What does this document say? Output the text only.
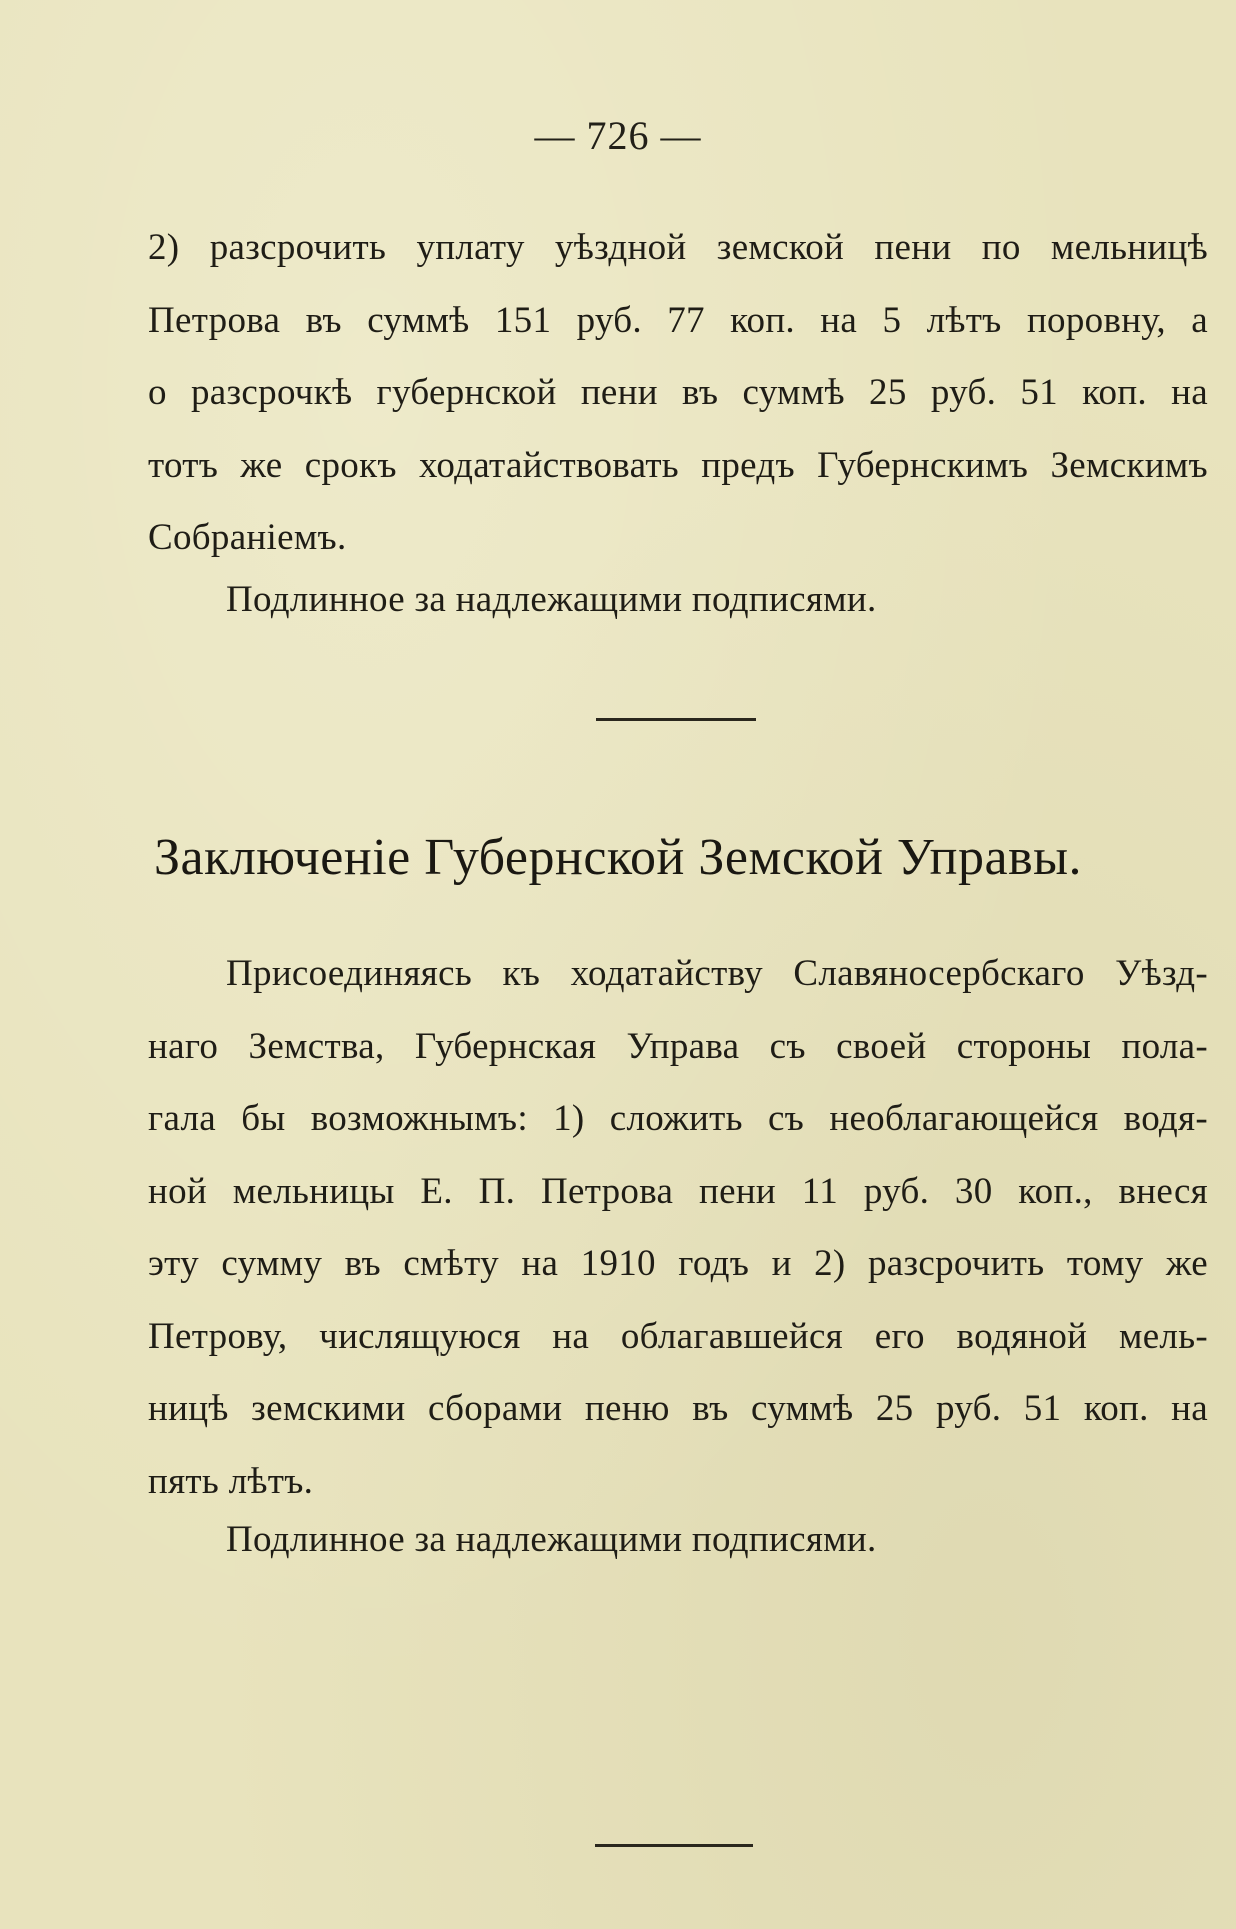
— 726 —
2) разсрочить уплату уѣздной земской пени по мельницѣ
Петрова въ суммѣ 151 руб. 77 коп. на 5 лѣтъ поровну, а
о разсрочкѣ губернской пени въ суммѣ 25 руб. 51 коп. на
тотъ же срокъ ходатайствовать предъ Губернскимъ Земскимъ
Собраніемъ.
Подлинное за надлежащими подписями.
Заключеніе Губернской Земской Управы.
Присоединяясь къ ходатайству Славяносербскаго Уѣзд-
наго Земства, Губернская Управа съ своей стороны пола-
гала бы возможнымъ: 1) сложить съ необлагающейся водя-
ной мельницы Е. П. Петрова пени 11 руб. 30 коп., внеся
эту сумму въ смѣту на 1910 годъ и 2) разсрочить тому же
Петрову, числящуюся на облагавшейся его водяной мель-
ницѣ земскими сборами пеню въ суммѣ 25 руб. 51 коп. на
пять лѣтъ.
Подлинное за надлежащими подписями.
